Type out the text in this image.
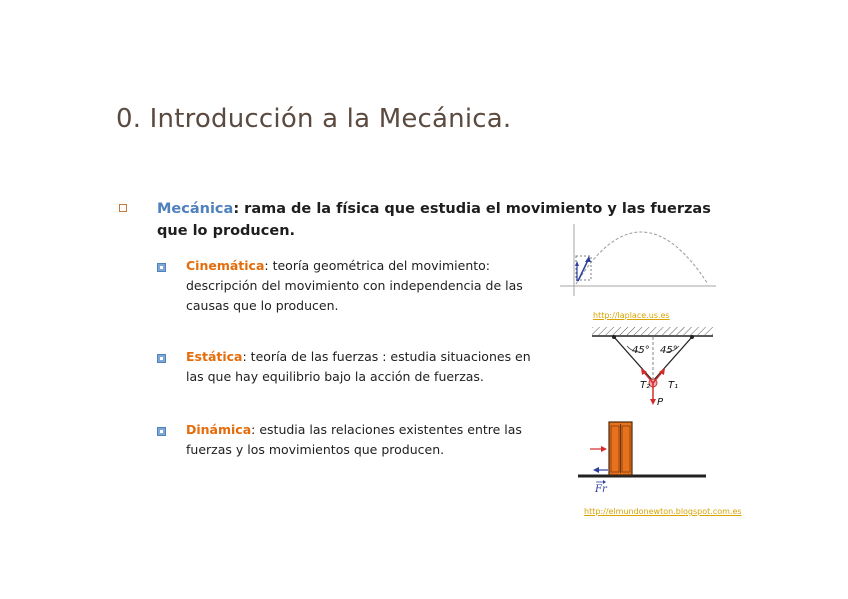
0. Introducción a la Mecánica.
Mecánica: rama de la física que estudia el movimiento y las fuerzas que lo producen.
Cinemática: teoría geométrica del movimiento: descripción del movimiento con independencia de las causas que lo producen.
Estática: teoría de las fuerzas : estudia situaciones en las que hay equilibrio bajo la acción de fuerzas.
Dinámica: estudia las relaciones existentes entre las fuerzas y los movimientos que producen.
http://laplace.us.es
45° 45°
T₂ T₁
P
Fr
http://elmundonewton.blogspot.com.es
